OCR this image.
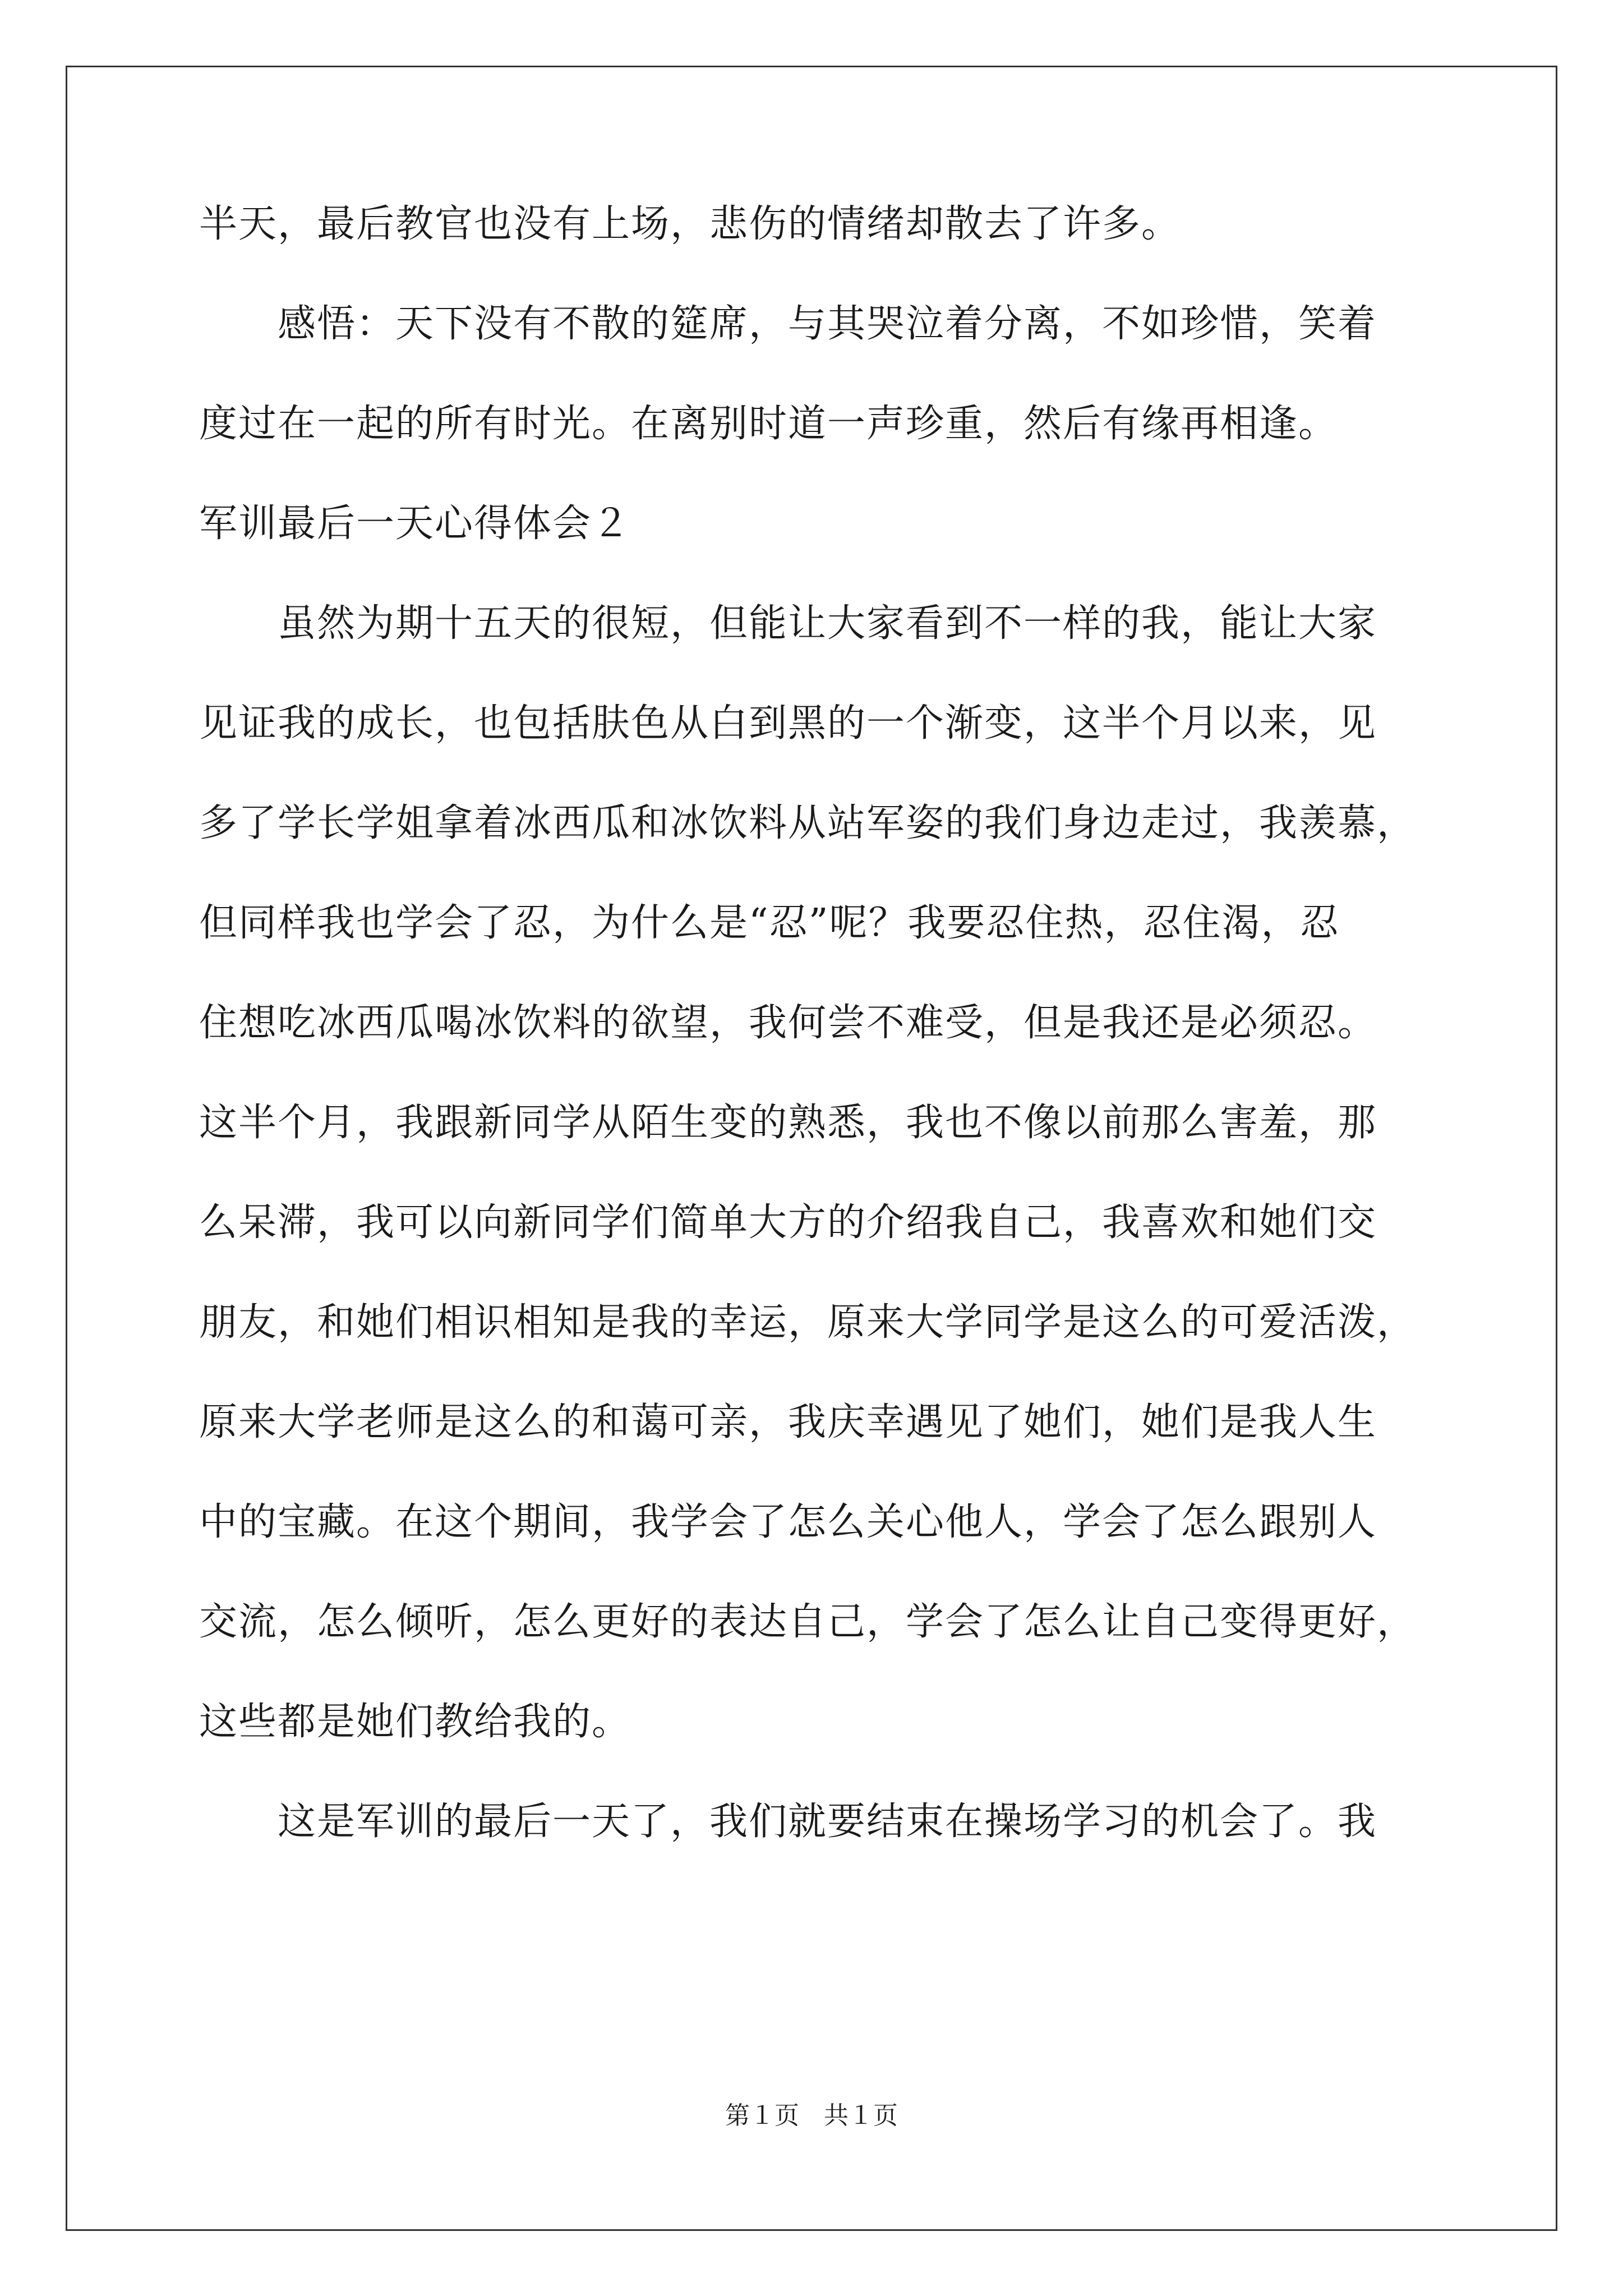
半天，最后教官也没有上场，悲伤的情绪却散去了许多。
　　感悟：天下没有不散的筵席，与其哭泣着分离，不如珍惜，笑着
度过在一起的所有时光。在离别时道一声珍重，然后有缘再相逢。
军训最后一天心得体会２
　　虽然为期十五天的很短，但能让大家看到不一样的我，能让大家
见证我的成长，也包括肤色从白到黑的一个渐变，这半个月以来，见
多了学长学姐拿着冰西瓜和冰饮料从站军姿的我们身边走过，我羡慕，
但同样我也学会了忍，为什么是“忍”呢？我要忍住热，忍住渴，忍
住想吃冰西瓜喝冰饮料的欲望，我何尝不难受，但是我还是必须忍。
这半个月，我跟新同学从陌生变的熟悉，我也不像以前那么害羞，那
么呆滞，我可以向新同学们简单大方的介绍我自己，我喜欢和她们交
朋友，和她们相识相知是我的幸运，原来大学同学是这么的可爱活泼，
原来大学老师是这么的和蔼可亲，我庆幸遇见了她们，她们是我人生
中的宝藏。在这个期间，我学会了怎么关心他人，学会了怎么跟别人
交流，怎么倾听，怎么更好的表达自己，学会了怎么让自己变得更好，
这些都是她们教给我的。
　　这是军训的最后一天了，我们就要结束在操场学习的机会了。我
第１页　共１页
